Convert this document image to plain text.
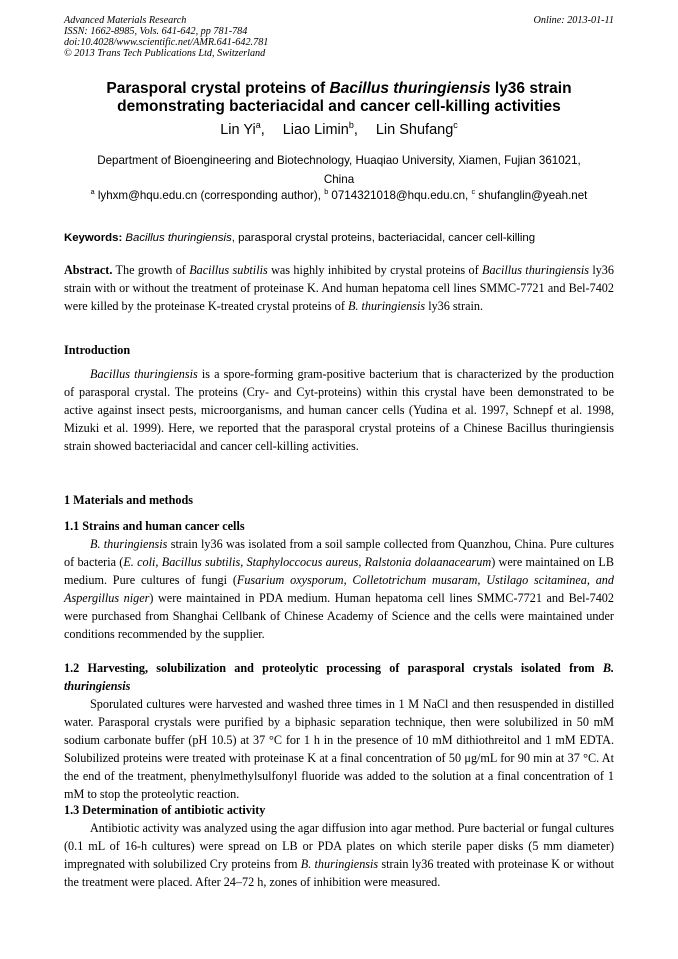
Advanced Materials Research
ISSN: 1662-8985, Vols. 641-642, pp 781-784
doi:10.4028/www.scientific.net/AMR.641-642.781
© 2013 Trans Tech Publications Ltd, Switzerland
Online: 2013-01-11
Parasporal crystal proteins of Bacillus thuringiensis ly36 strain
demonstrating bacteriacidal and cancer cell-killing activities
Lin Yi$^a$, Liao Limin$^b$, Lin Shufang$^c$
Department of Bioengineering and Biotechnology, Huaqiao University, Xiamen, Fujian 361021,
China
$^a$ lyhxm@hqu.edu.cn (corresponding author), $^b$ 0714321018@hqu.edu.cn, $^c$ shufanglin@yeah.net
Keywords: Bacillus thuringiensis, parasporal crystal proteins, bacteriacidal, cancer cell-killing
Abstract. The growth of Bacillus subtilis was highly inhibited by crystal proteins of Bacillus thuringiensis ly36 strain with or without the treatment of proteinase K. And human hepatoma cell lines SMMC-7721 and Bel-7402 were killed by the proteinase K-treated crystal proteins of B. thuringiensis ly36 strain.
Introduction
Bacillus thuringiensis is a spore-forming gram-positive bacterium that is characterized by the production of parasporal crystal. The proteins (Cry- and Cyt-proteins) within this crystal have been demonstrated to be active against insect pests, microorganisms, and human cancer cells (Yudina et al. 1997, Schnepf et al. 1998, Mizuki et al. 1999). Here, we reported that the parasporal crystal proteins of a Chinese Bacillus thuringiensis strain showed bacteriacidal and cancer cell-killing activities.
1 Materials and methods
1.1 Strains and human cancer cells
B. thuringiensis strain ly36 was isolated from a soil sample collected from Quanzhou, China. Pure cultures of bacteria (E. coli, Bacillus subtilis, Staphyloccocus aureus, Ralstonia dolaanacearum) were maintained on LB medium. Pure cultures of fungi (Fusarium oxysporum, Colletotrichum musaram, Ustilago scitaminea, and Aspergillus niger) were maintained in PDA medium. Human hepatoma cell lines SMMC-7721 and Bel-7402 were purchased from Shanghai Cellbank of Chinese Academy of Science and the cells were maintained under conditions recommended by the supplier.
1.2 Harvesting, solubilization and proteolytic processing of parasporal crystals isolated from B. thuringiensis
Sporulated cultures were harvested and washed three times in 1 M NaCl and then resuspended in distilled water. Parasporal crystals were purified by a biphasic separation technique, then were solubilized in 50 mM sodium carbonate buffer (pH 10.5) at 37 °C for 1 h in the presence of 10 mM dithiothreitol and 1 mM EDTA. Solubilized proteins were treated with proteinase K at a final concentration of 50 μg/mL for 90 min at 37 °C. At the end of the treatment, phenylmethylsulfonyl fluoride was added to the solution at a final concentration of 1 mM to stop the proteolytic reaction.
1.3 Determination of antibiotic activity
Antibiotic activity was analyzed using the agar diffusion into agar method. Pure bacterial or fungal cultures (0.1 mL of 16-h cultures) were spread on LB or PDA plates on which sterile paper disks (5 mm diameter) impregnated with solubilized Cry proteins from B. thuringiensis strain ly36 treated with proteinase K or without the treatment were placed. After 24–72 h, zones of inhibition were measured.
